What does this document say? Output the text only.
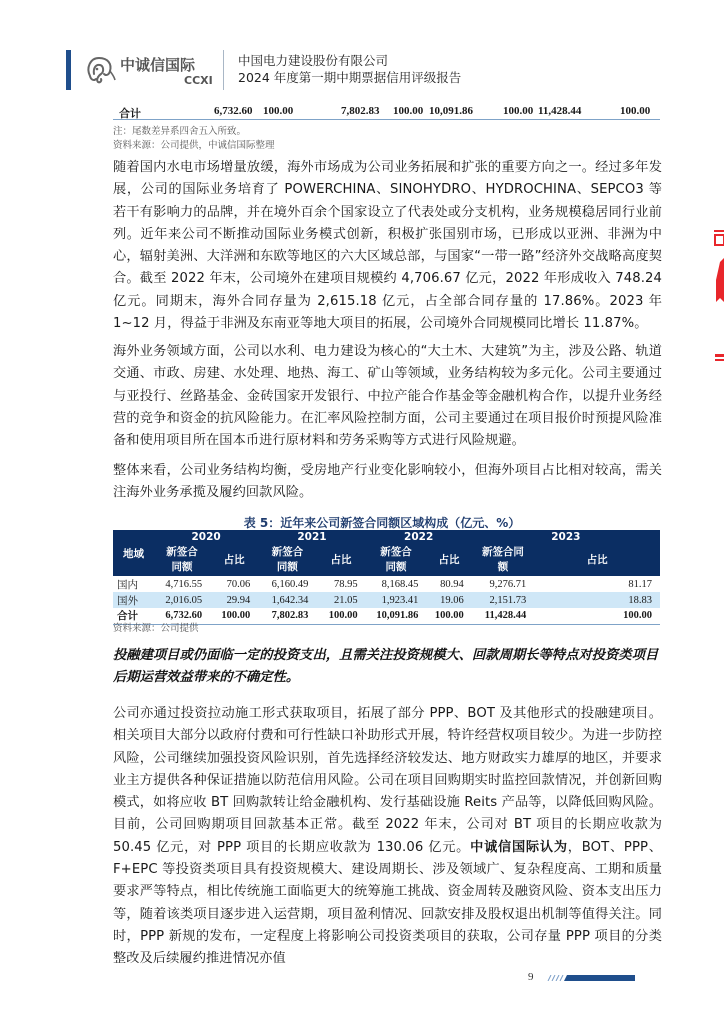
中诚信国际
CCXI
中国电力建设股份有限公司
2024 年度第一期中期票据信用评级报告
合计	6,732.60 100.00	7,802.83 100.00 10,091.86	100.00 11,428.44	100.00
注：尾数差异系四舍五入所致。
资料来源：公司提供，中诚信国际整理

随着国内水电市场增量放缓，海外市场成为公司业务拓展和扩张的重要方向之一。经过多年发展，公司的国际业务培育了 POWERCHINA、SINOHYDRO、HYDROCHINA、SEPCO3 等若干有影响力的品牌，并在境外百余个国家设立了代表处或分支机构，业务规模稳居同行业前列。近年来公司不断推动国际业务模式创新，积极扩张国别市场，已形成以亚洲、非洲为中心，辐射美洲、大洋洲和东欧等地区的六大区域总部，与国家“一带一路”经济外交战略高度契合。截至 2022 年末，公司境外在建项目规模约 4,706.67 亿元，2022 年形成收入 748.24 亿元。同期末，海外合同存量为 2,615.18 亿元，占全部合同存量的 17.86%。2023 年 1~12 月，得益于非洲及东南亚等地大项目的拓展，公司境外合同规模同比增长 11.87%。

海外业务领域方面，公司以水利、电力建设为核心的“大土木、大建筑”为主，涉及公路、轨道交通、市政、房建、水处理、地热、海工、矿山等领域，业务结构较为多元化。公司主要通过与亚投行、丝路基金、金砖国家开发银行、中拉产能合作基金等金融机构合作，以提升业务经营的竞争和资金的抗风险能力。在汇率风险控制方面，公司主要通过在项目报价时预提风险准备和使用项目所在国本币进行原材料和劳务采购等方式进行风险规避。

整体来看，公司业务结构均衡，受房地产行业变化影响较小，但海外项目占比相对较高，需关注海外业务承揽及履约回款风险。

表 5：近年来公司新签合同额区域构成（亿元、%）
地域	2020		2021		2022		2023	
	新签合同额	占比	新签合同额	占比	新签合同额	占比	新签合同额	占比
国内	4,716.55	70.06	6,160.49	78.95	8,168.45	80.94	9,276.71	81.17
国外	2,016.05	29.94	1,642.34	21.05	1,923.41	19.06	2,151.73	18.83
合计	6,732.60	100.00	7,802.83	100.00	10,091.86	100.00	11,428.44	100.00
资料来源：公司提供
投融建项目或仍面临一定的投资支出，且需关注投资规模大、回款周期长等特点对投资类项目后期运营效益带来的不确定性。

公司亦通过投资拉动施工形式获取项目，拓展了部分 PPP、BOT 及其他形式的投融建项目。相关项目大部分以政府付费和可行性缺口补助形式开展，特许经营权项目较少。为进一步防控风险，公司继续加强投资风险识别，首先选择经济较发达、地方财政实力雄厚的地区，并要求业主方提供各种保证措施以防范信用风险。公司在项目回购期实时监控回款情况，并创新回购模式，如将应收 BT 回购款转让给金融机构、发行基础设施 Reits 产品等，以降低回购风险。目前，公司回购期项目回款基本正常。截至 2022 年末，公司对 BT 项目的长期应收款为 50.45 亿元，对 PPP 项目的长期应收款为 130.06 亿元。中诚信国际认为，BOT、PPP、F+EPC 等投资类项目具有投资规模大、建设周期长、涉及领域广、复杂程度高、工期和质量要求严等特点，相比传统施工面临更大的统筹施工挑战、资金周转及融资风险、资本支出压力等，随着该类项目逐步进入运营期，项目盈利情况、回款安排及股权退出机制等值得关注。同时，PPP 新规的发布，一定程度上将影响公司投资类项目的获取，公司存量 PPP 项目的分类整改及后续履约推进情况亦值

9
